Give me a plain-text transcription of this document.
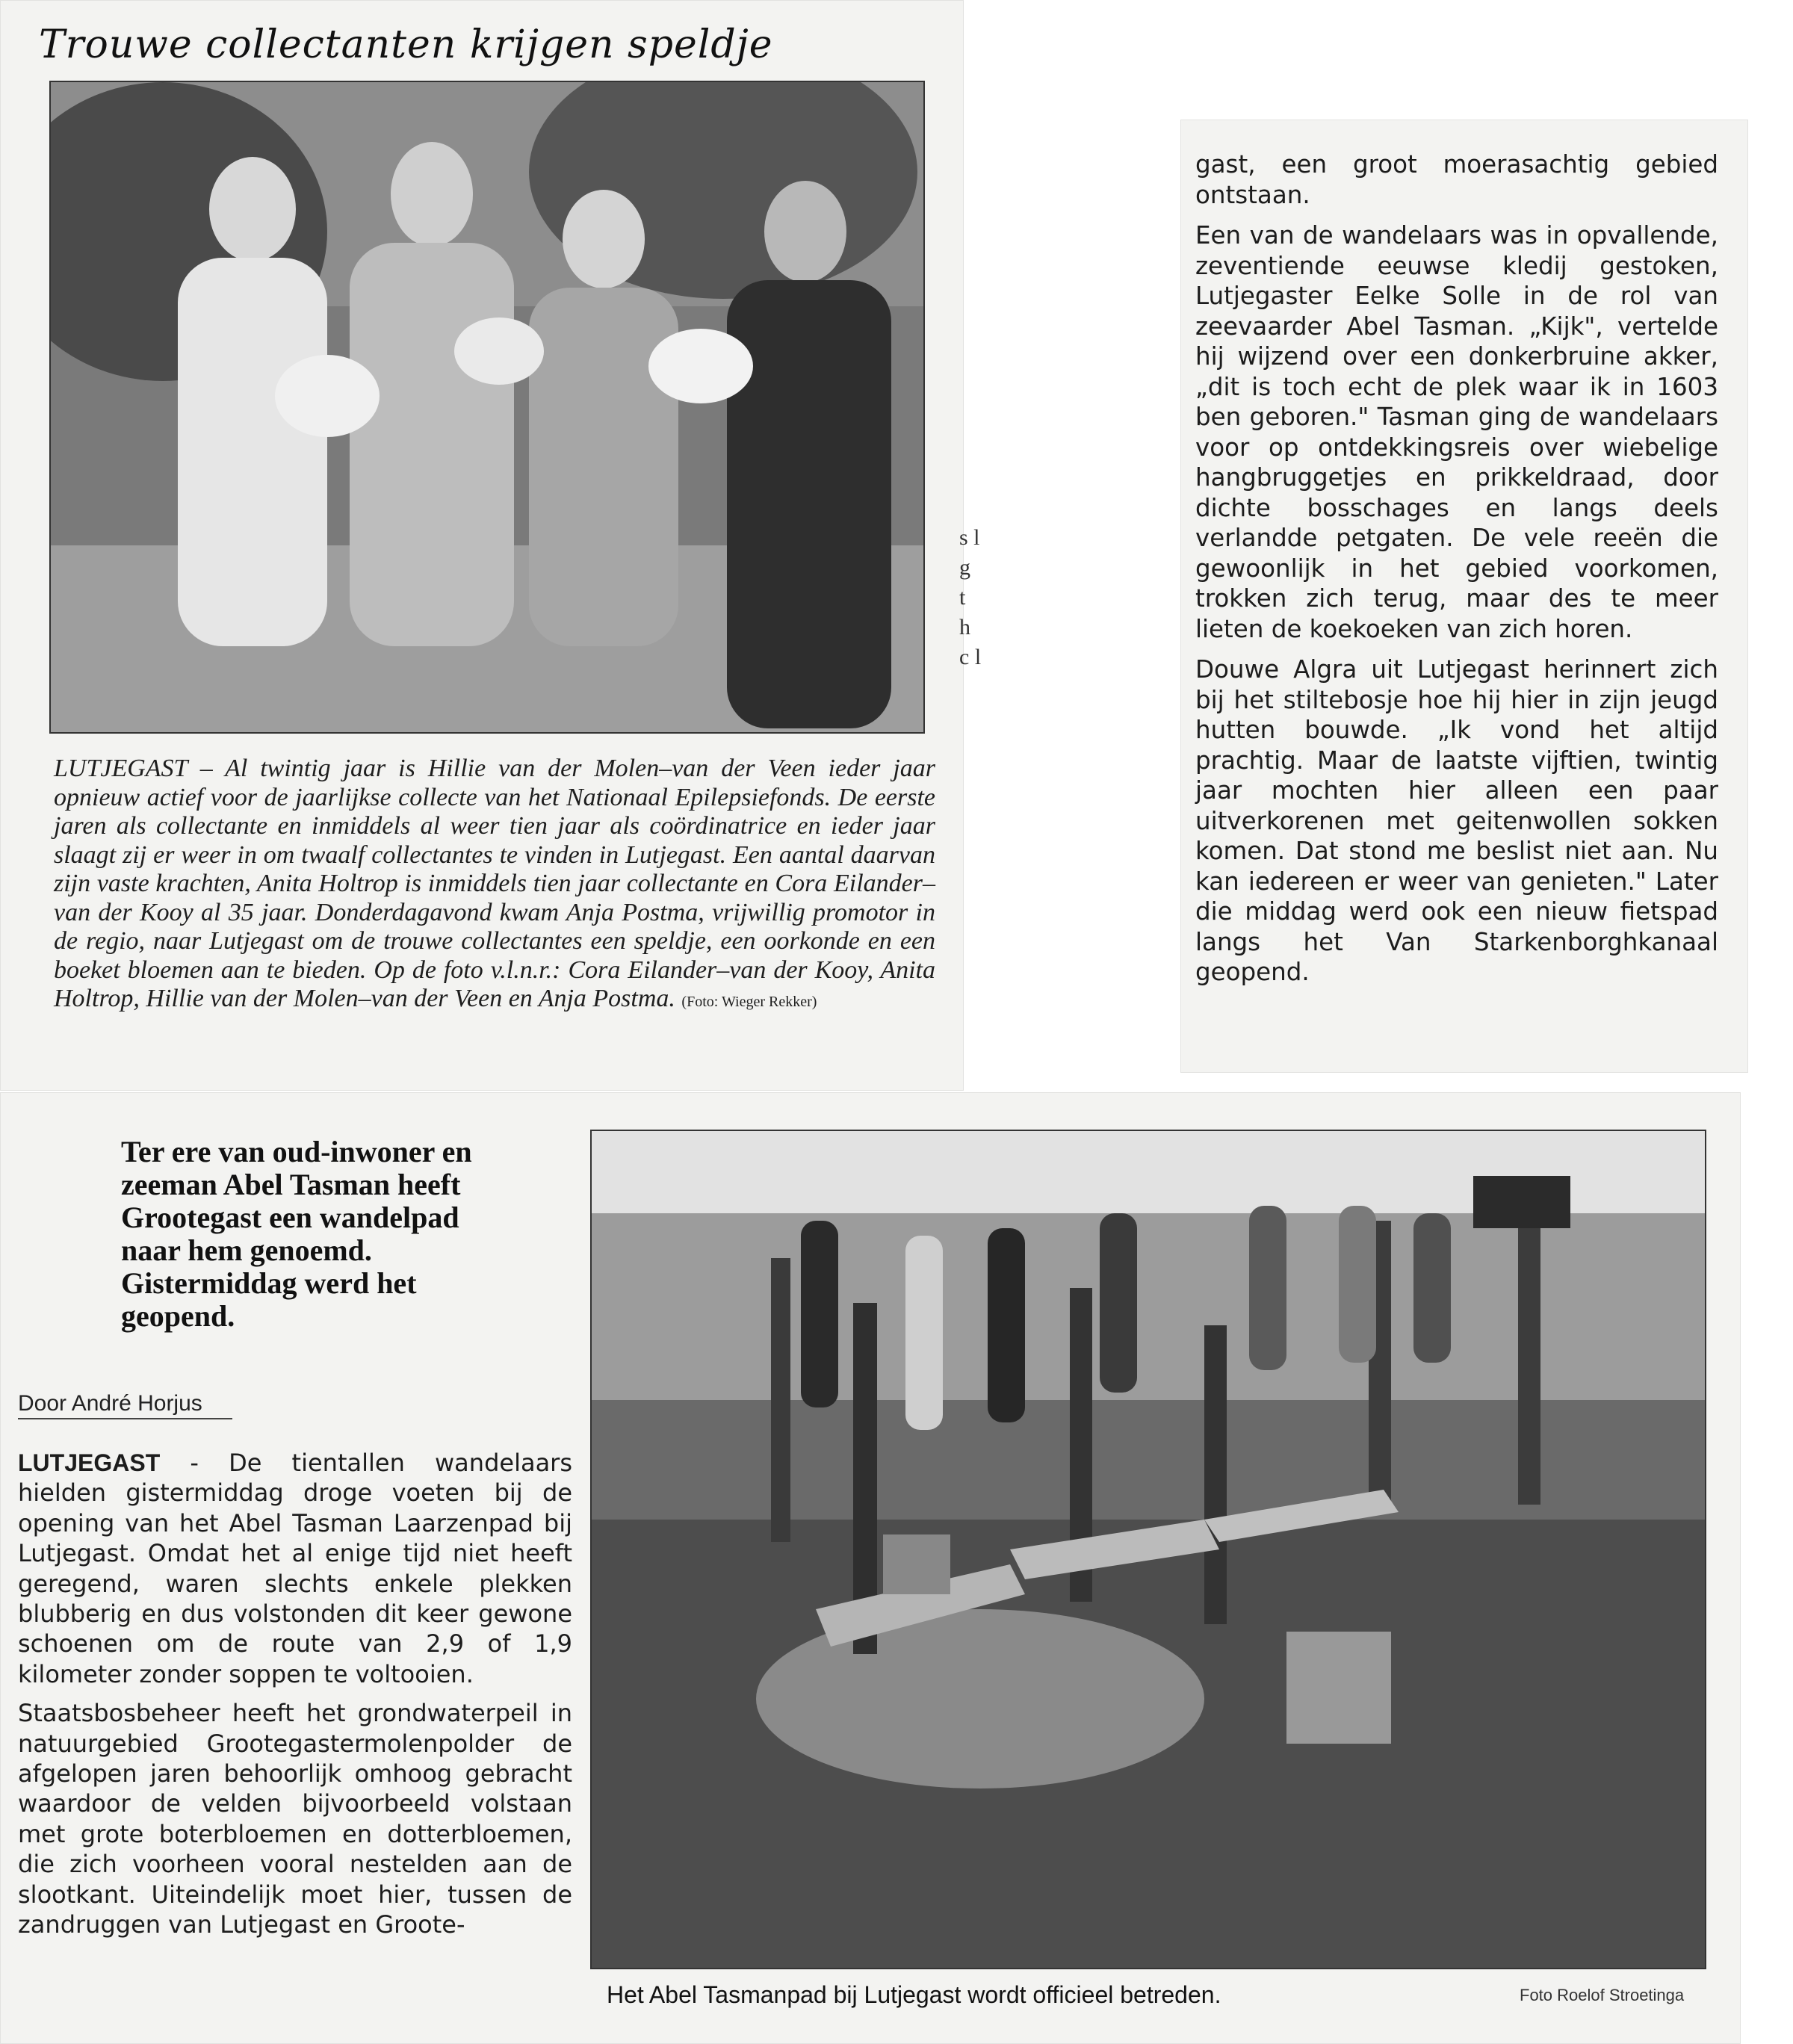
Trouwe collectanten krijgen speldje
LUTJEGAST – Al twintig jaar is Hillie van der Molen–van der Veen ieder jaar opnieuw actief voor de jaarlijkse collecte van het Nationaal Epilepsiefonds. De eerste jaren als collectante en inmiddels al weer tien jaar als coördinatrice en ieder jaar slaagt zij er weer in om twaalf collectantes te vinden in Lutjegast. Een aantal daarvan zijn vaste krachten, Anita Holtrop is inmiddels tien jaar collectante en Cora Eilander–van der Kooy al 35 jaar. Donderdagavond kwam Anja Postma, vrijwillig promotor in de regio, naar Lutjegast om de trouwe collectantes een speldje, een oorkonde en een boeket bloemen aan te bieden. Op de foto v.l.n.r.: Cora Eilander–van der Kooy, Anita Holtrop, Hillie van der Molen–van der Veen en Anja Postma. (Foto: Wieger Rekker)
s l g t h c l

gast, een groot moerasachtig gebied ontstaan.

Een van de wandelaars was in opvallende, zeventiende eeuwse kledij gestoken, Lutjegaster Eelke Solle in de rol van zeevaarder Abel Tasman. „Kijk", vertelde hij wijzend over een donkerbruine akker, „dit is toch echt de plek waar ik in 1603 ben geboren." Tasman ging de wandelaars voor op ontdekkingsreis over wiebelige hangbruggetjes en prikkeldraad, door dichte bosschages en langs deels verlandde petgaten. De vele reeën die gewoonlijk in het gebied voorkomen, trokken zich terug, maar des te meer lieten de koekoeken van zich horen.

Douwe Algra uit Lutjegast herinnert zich bij het stiltebosje hoe hij hier in zijn jeugd hutten bouwde. „Ik vond het altijd prachtig. Maar de laatste vijftien, twintig jaar mochten hier alleen een paar uitverkorenen met geitenwollen sokken komen. Dat stond me beslist niet aan. Nu kan iedereen er weer van genieten." Later die middag werd ook een nieuw fietspad langs het Van Starkenborghkanaal geopend.

Ter ere van oud-inwoner en zeeman Abel Tasman heeft Grootegast een wandelpad naar hem genoemd. Gistermiddag werd het geopend.
Door André Horjus

LUTJEGAST - De tientallen wandelaars hielden gistermiddag droge voeten bij de opening van het Abel Tasman Laarzenpad bij Lutjegast. Omdat het al enige tijd niet heeft geregend, waren slechts enkele plekken blubberig en dus volstonden dit keer gewone schoenen om de route van 2,9 of 1,9 kilometer zonder soppen te voltooien.

Staatsbosbeheer heeft het grondwaterpeil in natuurgebied Grootegastermolenpolder de afgelopen jaren behoorlijk omhoog gebracht waardoor de velden bijvoorbeeld volstaan met grote boterbloemen en dotterbloemen, die zich voorheen vooral nestelden aan de slootkant. Uiteindelijk moet hier, tussen de zandruggen van Lutjegast en Groote-

Het Abel Tasmanpad bij Lutjegast wordt officieel betreden.	Foto Roelof Stroetinga
